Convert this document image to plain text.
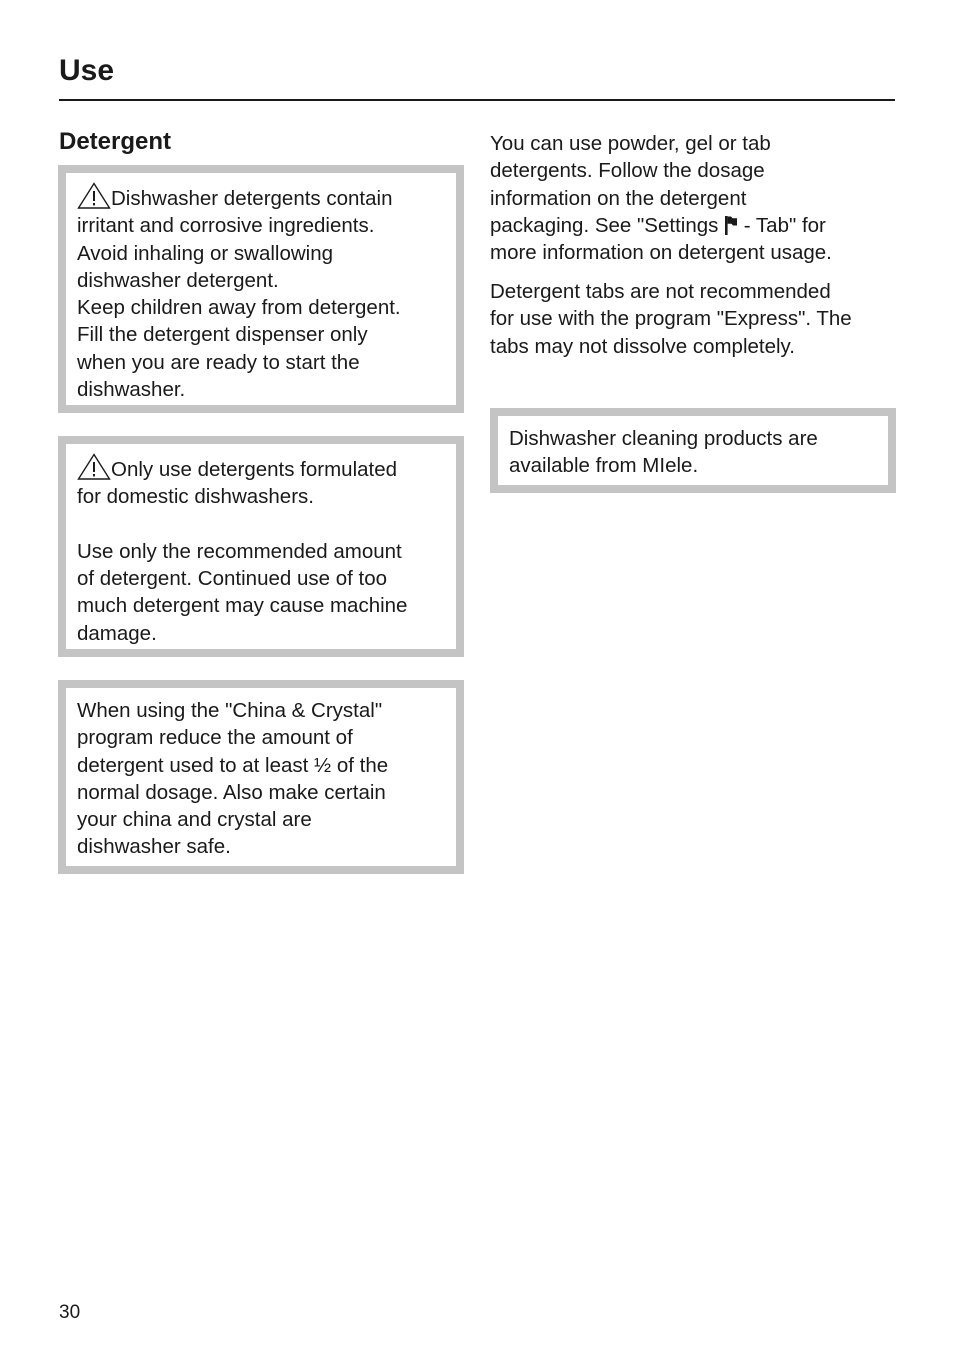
Use
Detergent

Dishwasher detergents contain
irritant and corrosive ingredients.
Avoid inhaling or swallowing
dishwasher detergent.
Keep children away from detergent.
Fill the detergent dispenser only
when you are ready to start the
dishwasher.

Only use detergents formulated
for domestic dishwashers.

Use only the recommended amount
of detergent. Continued use of too
much detergent may cause machine
damage.

When using the "China & Crystal"
program reduce the amount of
detergent used to at least ½ of the
normal dosage. Also make certain
your china and crystal are
dishwasher safe.

You can use powder, gel or tab
detergents. Follow the dosage
information on the detergent
packaging. See "Settings  - Tab" for
more information on detergent usage.

Detergent tabs are not recommended
for use with the program "Express". The
tabs may not dissolve completely.

Dishwasher cleaning products are
available from MIele.

30
